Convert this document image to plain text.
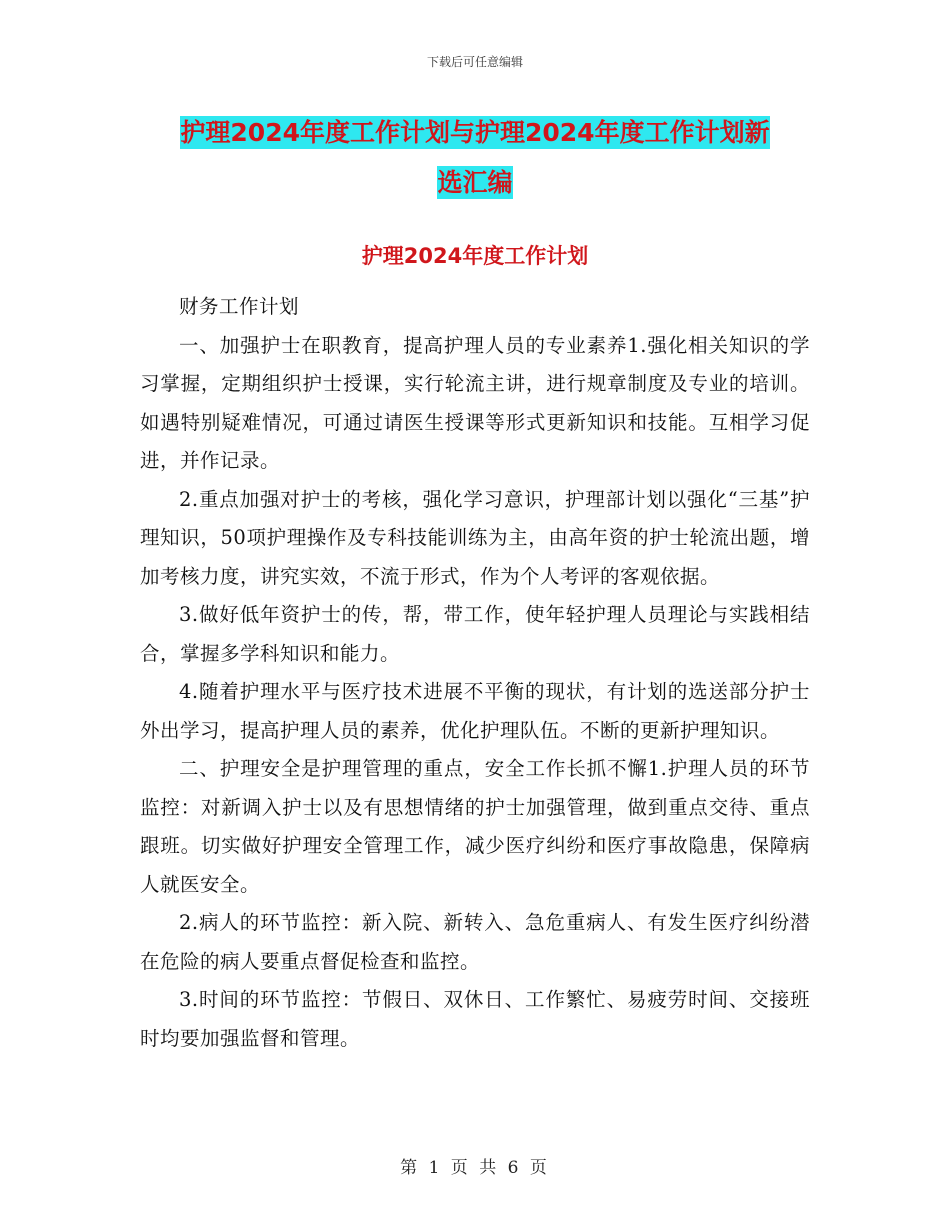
下载后可任意编辑
护理2024年度工作计划与护理2024年度工作计划新
选汇编
护理2024年度工作计划

财务工作计划

一、加强护士在职教育，提高护理人员的专业素养1.强化相关知识的学习掌握，定期组织护士授课，实行轮流主讲，进行规章制度及专业的培训。如遇特别疑难情况，可通过请医生授课等形式更新知识和技能。互相学习促进，并作记录。

2.重点加强对护士的考核，强化学习意识，护理部计划以强化“三基”护理知识，50项护理操作及专科技能训练为主，由高年资的护士轮流出题，增加考核力度，讲究实效，不流于形式，作为个人考评的客观依据。

3.做好低年资护士的传，帮，带工作，使年轻护理人员理论与实践相结合，掌握多学科知识和能力。

4.随着护理水平与医疗技术进展不平衡的现状，有计划的选送部分护士外出学习，提高护理人员的素养，优化护理队伍。不断的更新护理知识。

二、护理安全是护理管理的重点，安全工作长抓不懈1.护理人员的环节监控：对新调入护士以及有思想情绪的护士加强管理，做到重点交待、重点跟班。切实做好护理安全管理工作，减少医疗纠纷和医疗事故隐患，保障病人就医安全。

2.病人的环节监控：新入院、新转入、急危重病人、有发生医疗纠纷潜在危险的病人要重点督促检查和监控。

3.时间的环节监控：节假日、双休日、工作繁忙、易疲劳时间、交接班时均要加强监督和管理。

第 1 页 共 6 页
